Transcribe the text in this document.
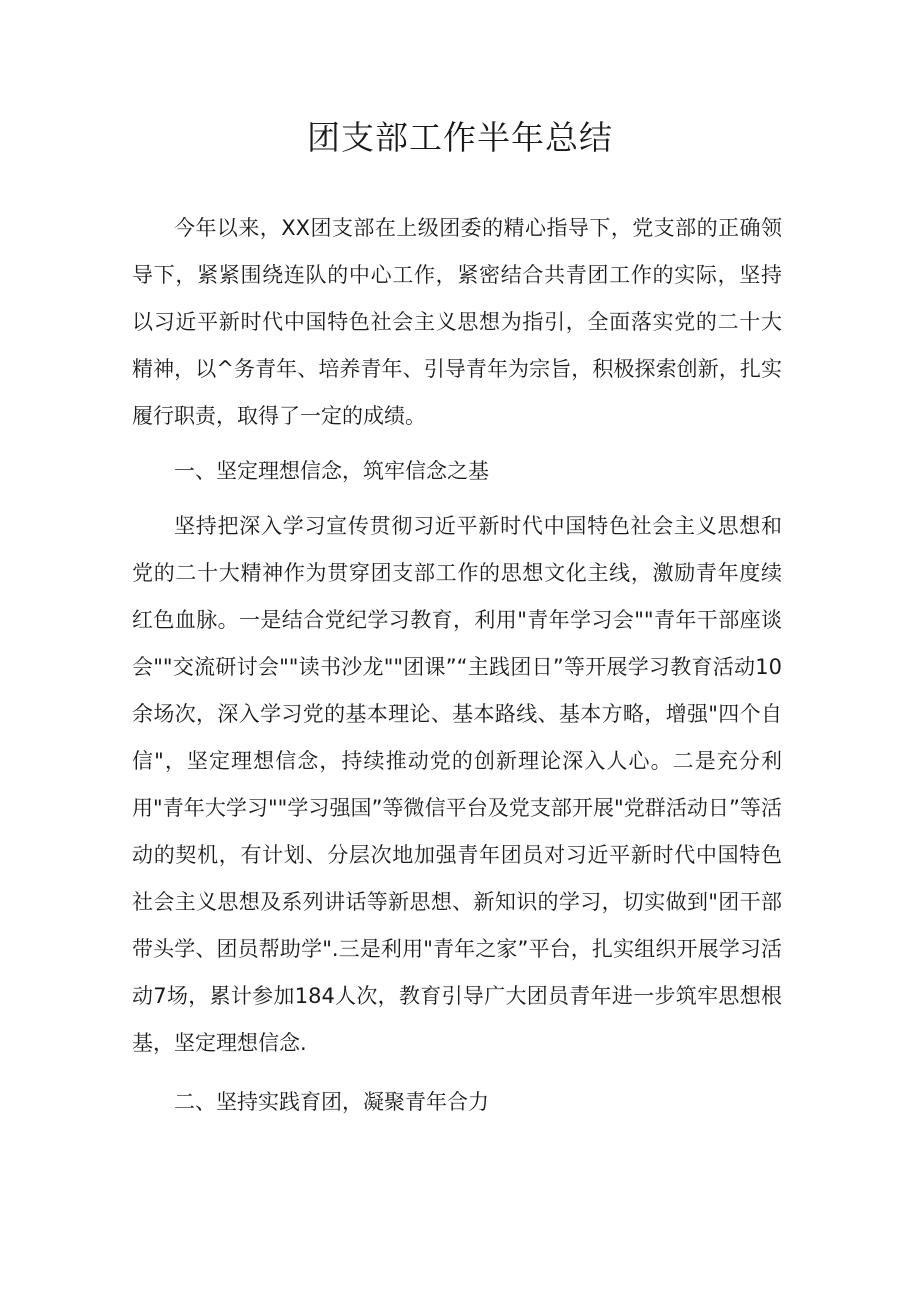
团支部工作半年总结

今年以来，XX团支部在上级团委的精心指导下，党支部的正确领导下，紧紧围绕连队的中心工作，紧密结合共青团工作的实际，坚持以习近平新时代中国特色社会主义思想为指引，全面落实党的二十大精神，以^务青年、培养青年、引导青年为宗旨，积极探索创新，扎实履行职责，取得了一定的成绩。

一、坚定理想信念，筑牢信念之基

坚持把深入学习宣传贯彻习近平新时代中国特色社会主义思想和党的二十大精神作为贯穿团支部工作的思想文化主线，激励青年度续红色血脉。一是结合党纪学习教育，利用"青年学习会""青年干部座谈会""交流研讨会""读书沙龙""团课”“主践团日”等开展学习教育活动10余场次，深入学习党的基本理论、基本路线、基本方略，增强"四个自信"，坚定理想信念，持续推动党的创新理论深入人心。二是充分利用"青年大学习""学习强国”等微信平台及党支部开展"党群活动日”等活动的契机，有计划、分层次地加强青年团员对习近平新时代中国特色社会主义思想及系列讲话等新思想、新知识的学习，切实做到"团干部带头学、团员帮助学".三是利用"青年之家”平台，扎实组织开展学习活动7场，累计参加184人次，教育引导广大团员青年进一步筑牢思想根基，坚定理想信念.

二、坚持实践育团，凝聚青年合力
